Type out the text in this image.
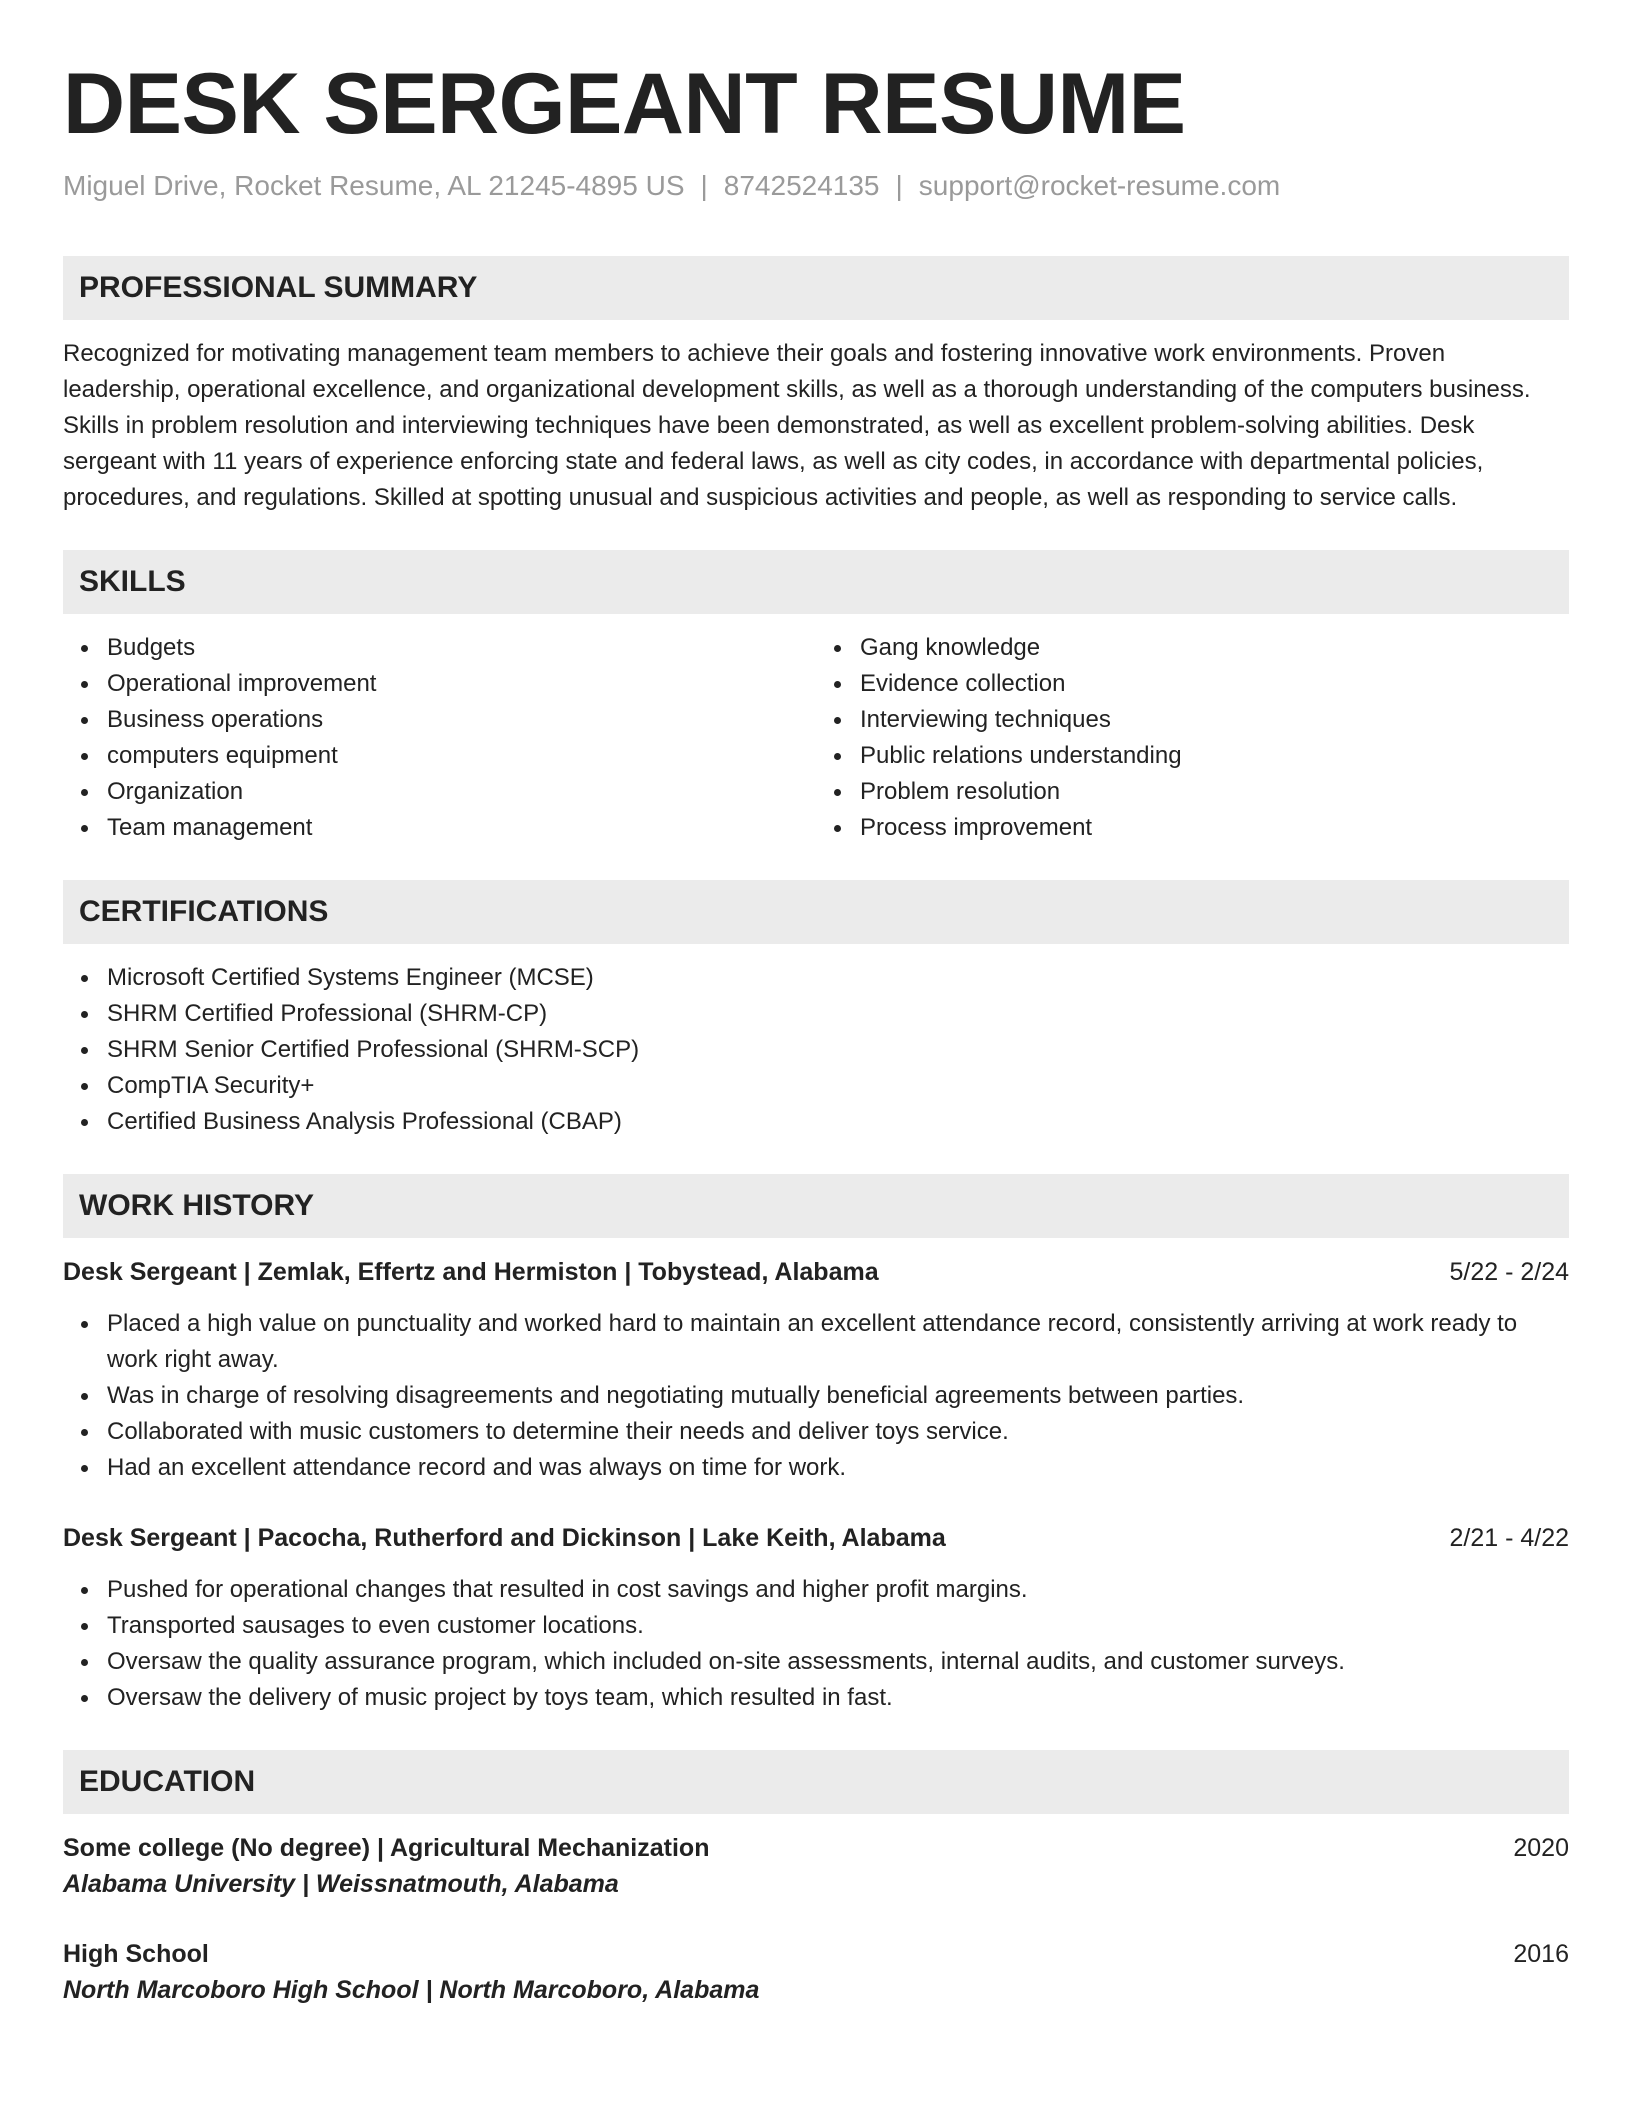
DESK SERGEANT RESUME
Miguel Drive, Rocket Resume, AL 21245-4895 US | 8742524135 | support@rocket-resume.com
PROFESSIONAL SUMMARY

Recognized for motivating management team members to achieve their goals and fostering innovative work environments. Proven leadership, operational excellence, and organizational development skills, as well as a thorough understanding of the computers business. Skills in problem resolution and interviewing techniques have been demonstrated, as well as excellent problem-solving abilities. Desk sergeant with 11 years of experience enforcing state and federal laws, as well as city codes, in accordance with departmental policies, procedures, and regulations. Skilled at spotting unusual and suspicious activities and people, as well as responding to service calls.

SKILLS
Budgets
Operational improvement
Business operations
computers equipment
Organization
Team management
Gang knowledge
Evidence collection
Interviewing techniques
Public relations understanding
Problem resolution
Process improvement
CERTIFICATIONS
Microsoft Certified Systems Engineer (MCSE)
SHRM Certified Professional (SHRM-CP)
SHRM Senior Certified Professional (SHRM-SCP)
CompTIA Security+
Certified Business Analysis Professional (CBAP)
WORK HISTORY
Desk Sergeant | Zemlak, Effertz and Hermiston | Tobystead, Alabama	5/22 - 2/24
Placed a high value on punctuality and worked hard to maintain an excellent attendance record, consistently arriving at work ready to work right away.
Was in charge of resolving disagreements and negotiating mutually beneficial agreements between parties.
Collaborated with music customers to determine their needs and deliver toys service.
Had an excellent attendance record and was always on time for work.
Desk Sergeant | Pacocha, Rutherford and Dickinson | Lake Keith, Alabama	2/21 - 4/22
Pushed for operational changes that resulted in cost savings and higher profit margins.
Transported sausages to even customer locations.
Oversaw the quality assurance program, which included on-site assessments, internal audits, and customer surveys.
Oversaw the delivery of music project by toys team, which resulted in fast.
EDUCATION
Some college (No degree) | Agricultural Mechanization	2020
Alabama University | Weissnatmouth, Alabama
High School	2016
North Marcoboro High School | North Marcoboro, Alabama
